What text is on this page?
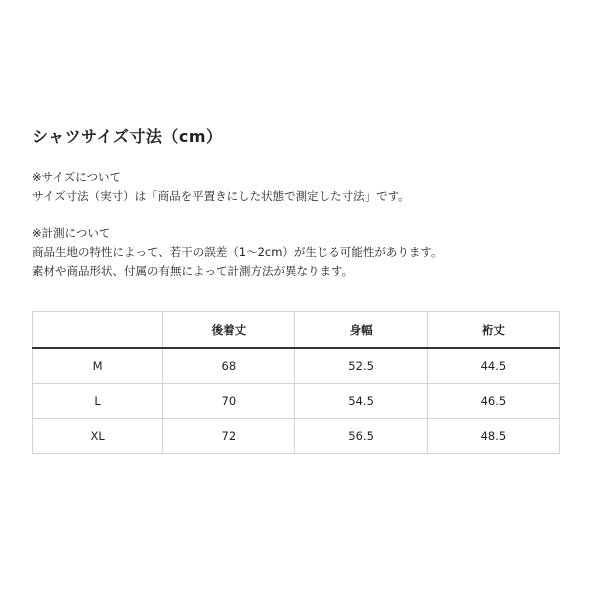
シャツサイズ寸法（cm）

※サイズについて

サイズ寸法（実寸）は「商品を平置きにした状態で測定した寸法」です。

※計測について

商品生地の特性によって、若干の誤差（1〜2cm）が生じる可能性があります。

素材や商品形状、付属の有無によって計測方法が異なります。

	後着丈	身幅	裄丈
M	68	52.5	44.5
L	70	54.5	46.5
XL	72	56.5	48.5
